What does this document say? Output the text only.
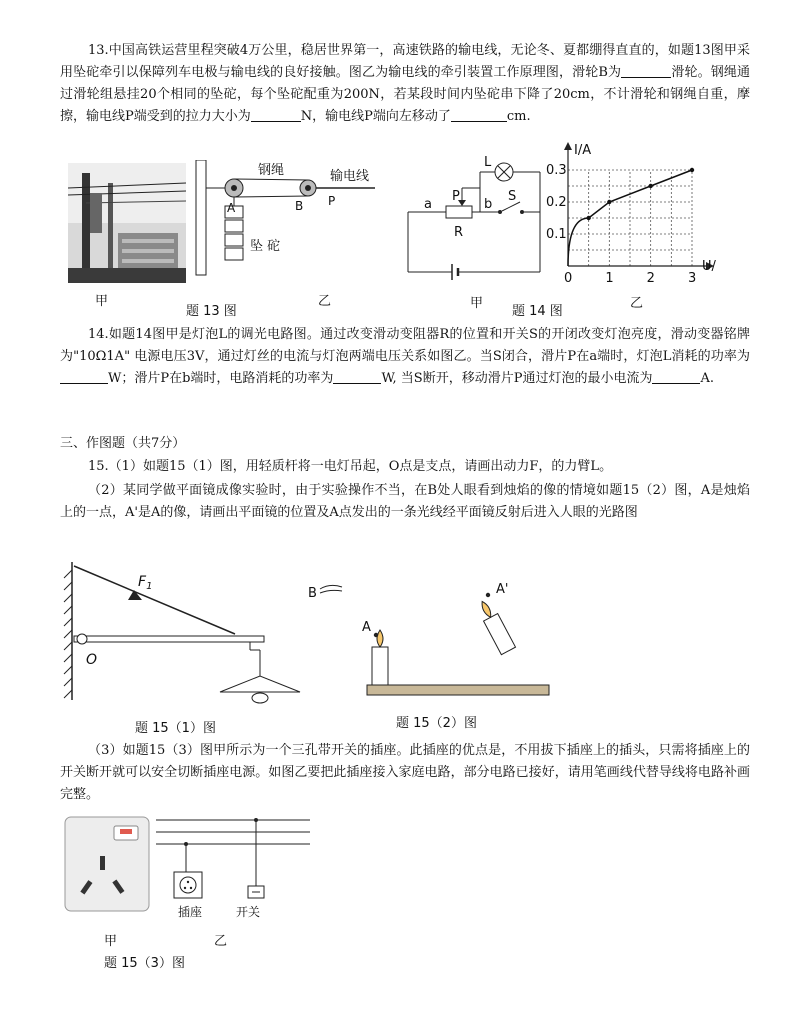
13.中国高铁运营里程突破4万公里，稳居世界第一，高速铁路的输电线，无论冬、夏都绷得直直的，如题13图甲采用坠砣牵引以保障列车电极与输电线的良好接触。图乙为输电线的牵引装置工作原理图，滑轮B为	滑轮。钢绳通过滑轮组悬挂20个相同的坠砣，每个坠砣配重为200N，若某段时间内坠砣串下降了20cm，不计滑轮和钢绳自重，摩擦，输电线P端受到的拉力大小为	N，输电线P端向左移动了	cm.

甲
A	B P
钢绳	输电线
坠 砣
题 13 图
乙
L
a
P
b
S
R
甲
题 14 图
I/A
U/
0	1	2	3
0.1
0.2
0.3
乙

14.如题14图甲是灯泡L的调光电路图。通过改变滑动变阻器R的位置和开关S的开闭改变灯泡亮度，滑动变器铭牌为"10Ω1A" 电源电压3V，通过灯丝的电流与灯泡两端电压关系如图乙。当S闭合，滑片P在a端时，灯泡L消耗的功率为W；滑片P在b端时，电路消耗的功率为	W, 当S断开，移动滑片P通过灯泡的最小电流为	A.

三、作图题（共7分）

15.（1）如题15（1）图，用轻质杆将一电灯吊起，O点是支点，请画出动力F，的力臂L。

（2）某同学做平面镜成像实验时，由于实验操作不当，在B处人眼看到烛焰的像的情境如题15（2）图，A是烛焰上的一点，A'是A的像，请画出平面镜的位置及A点发出的一条光线经平面镜反射后进入人眼的光路图

$F_1$
O
题 15（1）图
B
A
A'
题 15（2）图

（3）如题15（3）图甲所示为一个三孔带开关的插座。此插座的优点是，不用拔下插座上的插头，只需将插座上的开关断开就可以安全切断插座电源。如图乙要把此插座接入家庭电路，部分电路已接好，请用笔画线代替导线将电路补画完整。

甲
插座	开关
乙
题 15（3）图
